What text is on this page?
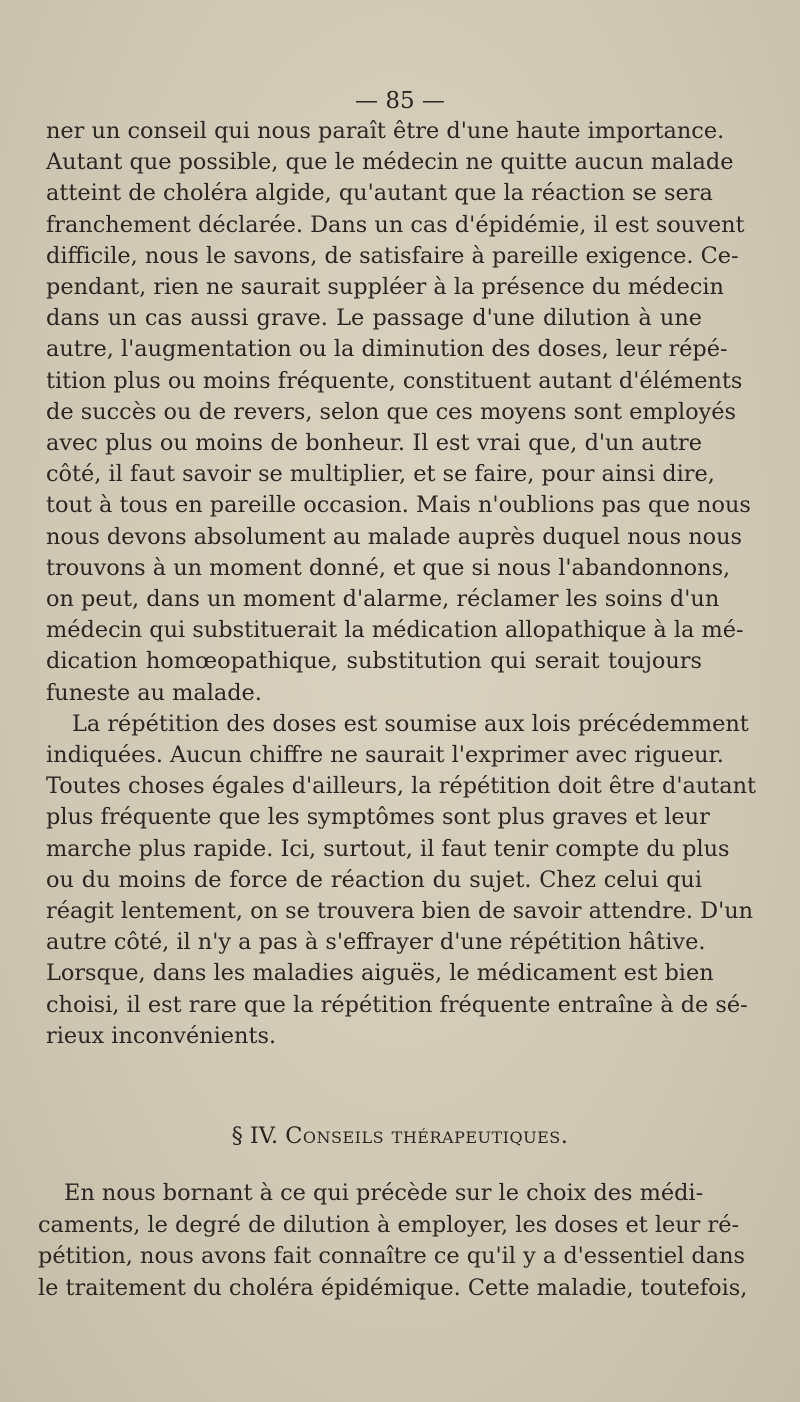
— 85 —
ner un conseil qui nous paraît être d'une haute importance.
Autant que possible, que le médecin ne quitte aucun malade
atteint de choléra algide, qu'autant que la réaction se sera
franchement déclarée. Dans un cas d'épidémie, il est souvent
difficile, nous le savons, de satisfaire à pareille exigence. Ce-
pendant, rien ne saurait suppléer à la présence du médecin
dans un cas aussi grave. Le passage d'une dilution à une
autre, l'augmentation ou la diminution des doses, leur répé-
tition plus ou moins fréquente, constituent autant d'éléments
de succès ou de revers, selon que ces moyens sont employés
avec plus ou moins de bonheur. Il est vrai que, d'un autre
côté, il faut savoir se multiplier, et se faire, pour ainsi dire,
tout à tous en pareille occasion. Mais n'oublions pas que nous
nous devons absolument au malade auprès duquel nous nous
trouvons à un moment donné, et que si nous l'abandonnons,
on peut, dans un moment d'alarme, réclamer les soins d'un
médecin qui substituerait la médication allopathique à la mé-
dication homœopathique, substitution qui serait toujours
funeste au malade.
La répétition des doses est soumise aux lois précédemment
indiquées. Aucun chiffre ne saurait l'exprimer avec rigueur.
Toutes choses égales d'ailleurs, la répétition doit être d'autant
plus fréquente que les symptômes sont plus graves et leur
marche plus rapide. Ici, surtout, il faut tenir compte du plus
ou du moins de force de réaction du sujet. Chez celui qui
réagit lentement, on se trouvera bien de savoir attendre. D'un
autre côté, il n'y a pas à s'effrayer d'une répétition hâtive.
Lorsque, dans les maladies aiguës, le médicament est bien
choisi, il est rare que la répétition fréquente entraîne à de sé-
rieux inconvénients.
§ IV. Conseils thérapeutiques.
En nous bornant à ce qui précède sur le choix des médi-
caments, le degré de dilution à employer, les doses et leur ré-
pétition, nous avons fait connaître ce qu'il y a d'essentiel dans
le traitement du choléra épidémique. Cette maladie, toutefois,
